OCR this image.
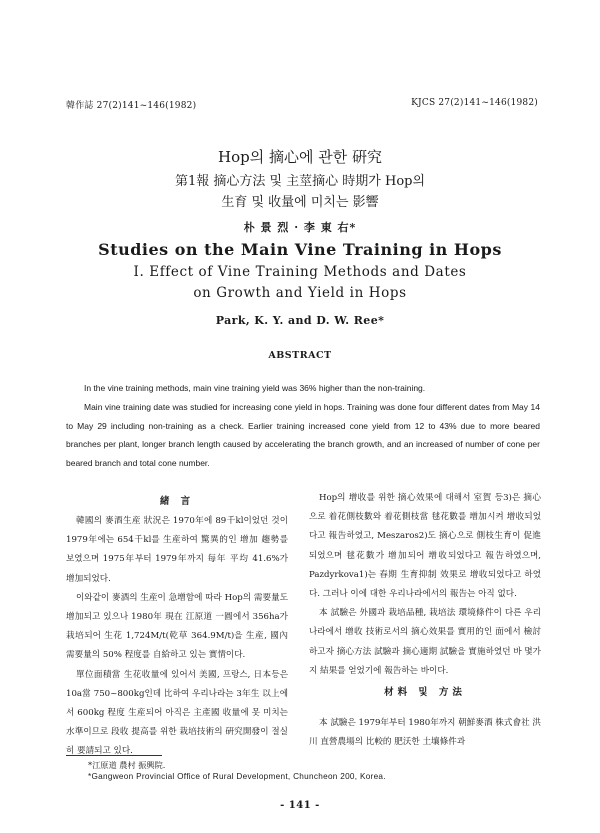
韓作誌 27(2)141~146(1982)	KJCS 27(2)141~146(1982)
Hop의 摘心에 관한 硏究
第1報 摘心方法 및 主莖摘心 時期가 Hop의
生育 및 收量에 미치는 影響
朴 景 烈 · 李 東 右*
Studies on the Main Vine Training in Hops
I. Effect of Vine Training Methods and Dates
on Growth and Yield in Hops
Park, K. Y. and D. W. Ree*
ABSTRACT
In the vine training methods, main vine training yield was 36% higher than the non-training.
Main vine training date was studied for increasing cone yield in hops. Training was done four different dates from May 14 to May 29 including non-training as a check. Earlier training increased cone yield from 12 to 43% due to more beared branches per plant, longer branch length caused by accelerating the branch growth, and an increased of number of cone per beared branch and total cone number.
緒 言

韓國의 麥酒生産 狀況은 1970年에 89千kl이었던 것이 1979年에는 654千kl를 生産하여 驚異的인 增加 趨勢를 보였으며 1975年부터 1979年까지 每年 平均 41.6%가 增加되었다.

이와같이 麥酒의 生産이 急增함에 따라 Hop의 需要量도 增加되고 있으나 1980年 現在 江原道 一圓에서 356ha가 栽培되어 生花 1,724M/t(乾草 364.9M/t)을 生産, 國內 需要量의 50% 程度를 自給하고 있는 實情이다.

單位面積當 生花收量에 있어서 美國, 프랑스, 日本등은 10a當 750~800kg인데 比하여 우리나라는 3年生 以上에서 600kg 程度 生産되어 아직은 主產國 收量에 못 미치는 水準이므로 段收 提高를 위한 栽培技術의 硏究開發이 절실히 要請되고 있다.

Hop의 增收를 위한 摘心效果에 대해서 室賀 등3)은 摘心으로 着花側枝數와 着花側枝當 毬花數를 增加시켜 增收되었다고 報告하였고, Meszaros2)도 摘心으로 側枝生育이 促進되었으며 毬花數가 增加되어 增收되었다고 報告하였으며, Pazdyrkova1)는 春期 生育抑制 效果로 增收되었다고 하였다. 그러나 이에 대한 우리나라에서의 報告는 아직 없다.

本 試驗은 外國과 栽培品種, 栽培法 環境條件이 다른 우리나라에서 增收 技術로서의 摘心效果를 實用的인 面에서 檢討하고자 摘心方法 試驗과 摘心適期 試驗을 實施하였던 바 몇가지 結果를 얻었기에 報告하는 바이다.

材料 및 方法

本 試驗은 1979年부터 1980年까지 朝鮮麥酒 株式會社 洪川 直營農場의 比較的 肥沃한 土壤條件과

*江原道 農村 振興院.
*Gangweon Provincial Office of Rural Development, Chuncheon 200, Korea.
- 141 -
